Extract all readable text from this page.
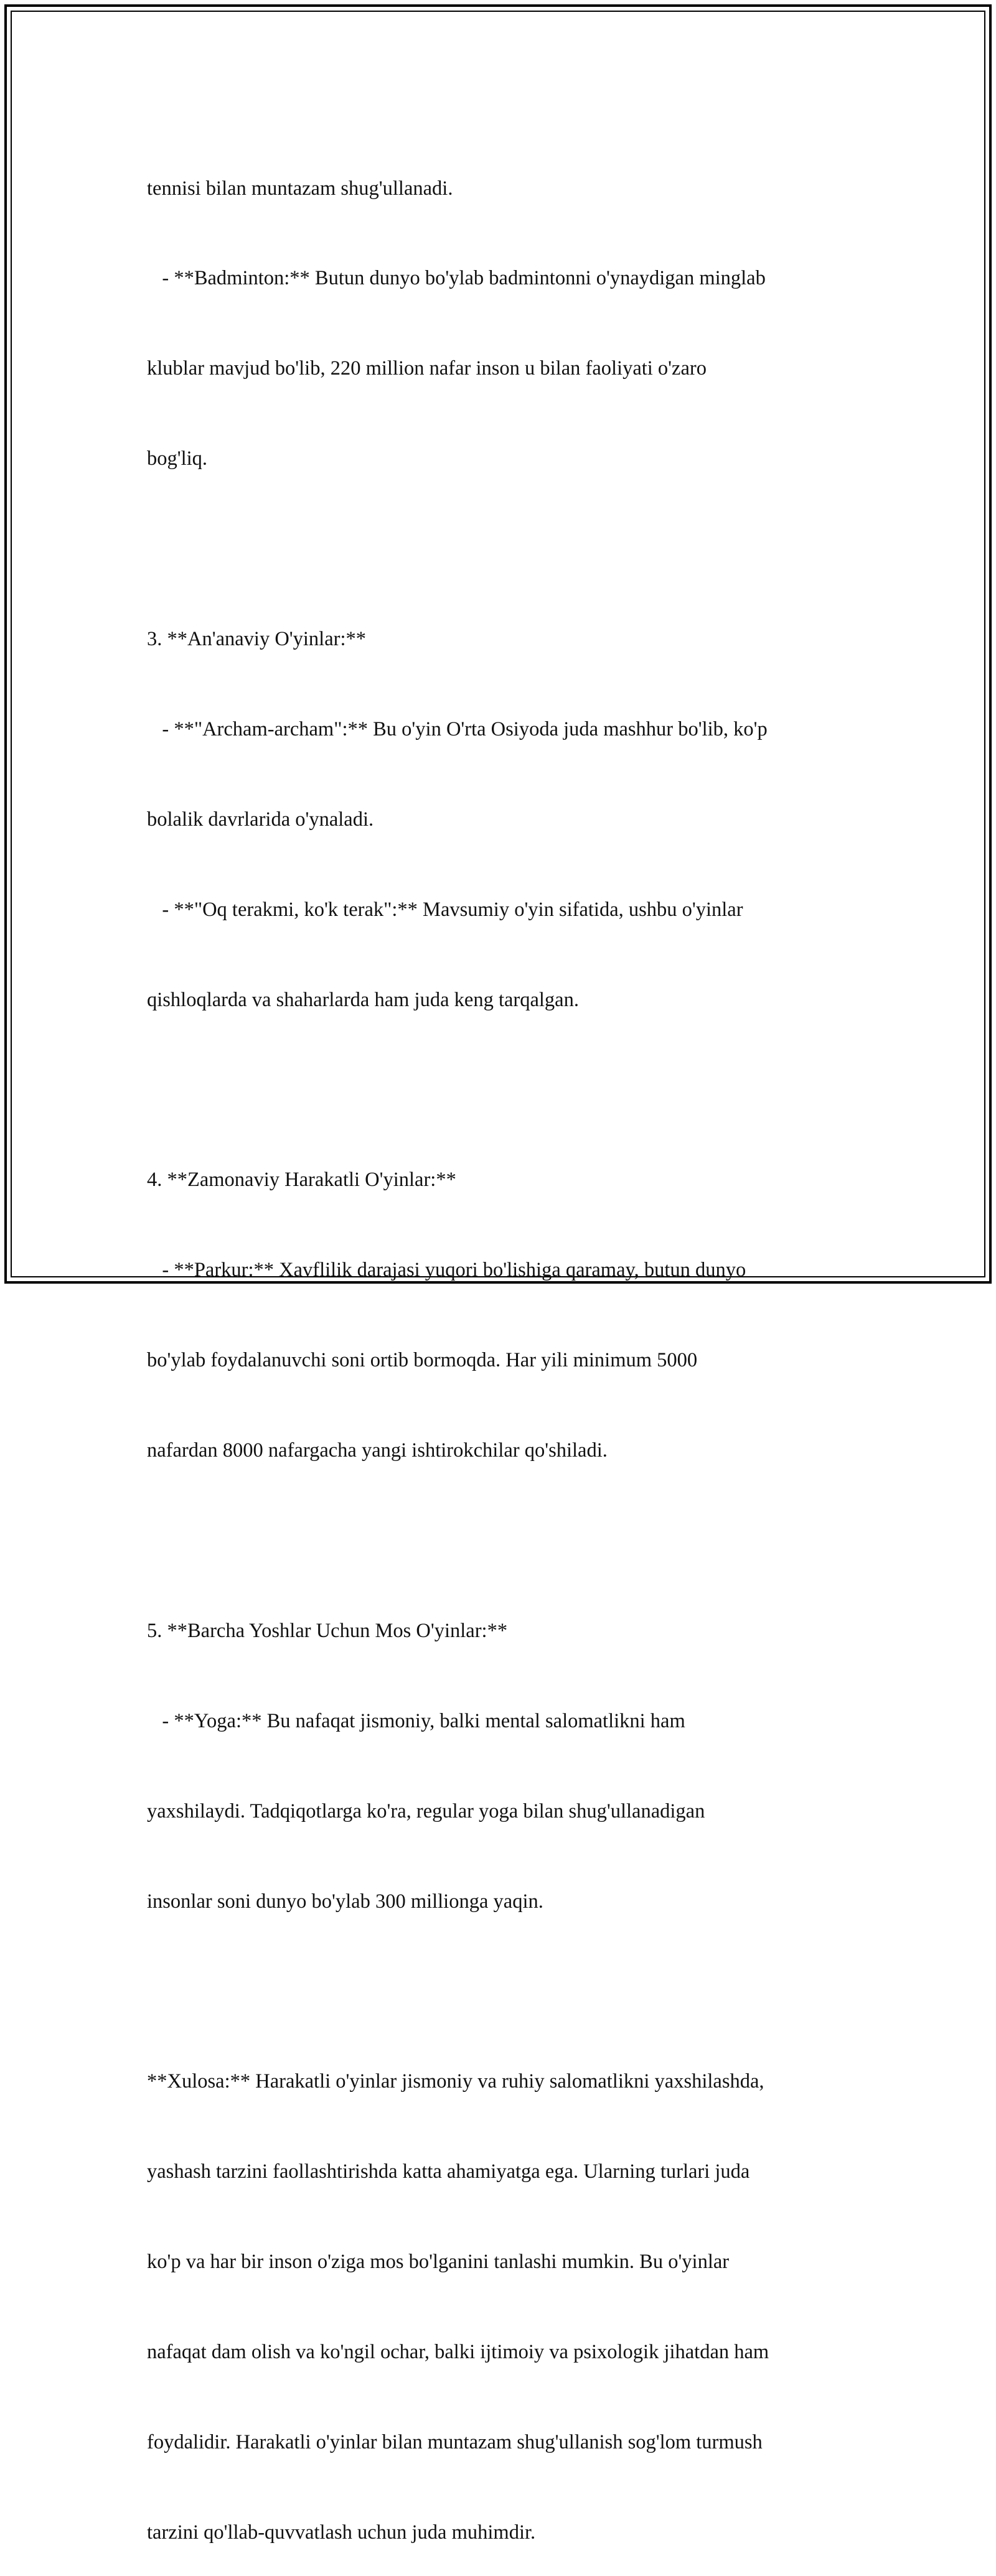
tennisi bilan muntazam shug'ullanadi.

- **Badminton:** Butun dunyo bo'ylab badmintonni o'ynaydigan minglab

klublar mavjud bo'lib, 220 million nafar inson u bilan faoliyati o'zaro

bog'liq.

3. **An'anaviy O'yinlar:**

- **"Archam-archam":** Bu o'yin O'rta Osiyoda juda mashhur bo'lib, ko'p

bolalik davrlarida o'ynaladi.

- **"Oq terakmi, ko'k terak":** Mavsumiy o'yin sifatida, ushbu o'yinlar

qishloqlarda va shaharlarda ham juda keng tarqalgan.

4. **Zamonaviy Harakatli O'yinlar:**

- **Parkur:** Xavflilik darajasi yuqori bo'lishiga qaramay, butun dunyo

bo'ylab foydalanuvchi soni ortib bormoqda. Har yili minimum 5000

nafardan 8000 nafargacha yangi ishtirokchilar qo'shiladi.

5. **Barcha Yoshlar Uchun Mos O'yinlar:**

- **Yoga:** Bu nafaqat jismoniy, balki mental salomatlikni ham

yaxshilaydi. Tadqiqotlarga ko'ra, regular yoga bilan shug'ullanadigan

insonlar soni dunyo bo'ylab 300 millionga yaqin.

**Xulosa:** Harakatli o'yinlar jismoniy va ruhiy salomatlikni yaxshilashda,

yashash tarzini faollashtirishda katta ahamiyatga ega. Ularning turlari juda

ko'p va har bir inson o'ziga mos bo'lganini tanlashi mumkin. Bu o'yinlar

nafaqat dam olish va ko'ngil ochar, balki ijtimoiy va psixologik jihatdan ham

foydalidir. Harakatli o'yinlar bilan muntazam shug'ullanish sog'lom turmush

tarzini qo'llab-quvvatlash uchun juda muhimdir.
